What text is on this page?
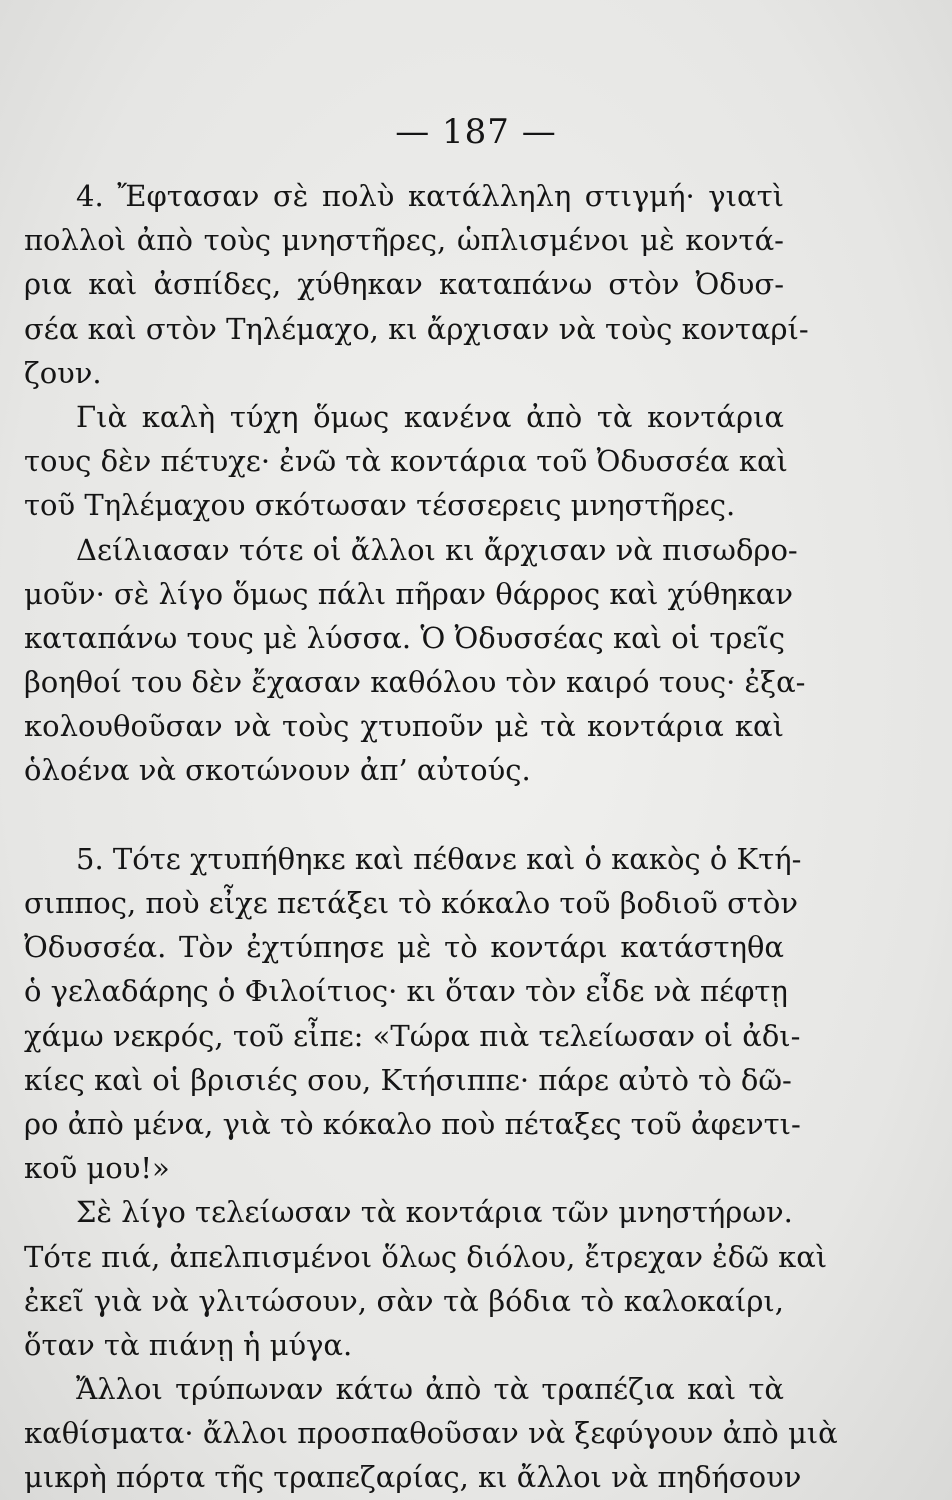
— 187 —
4. Ἔφτασαν σὲ πολὺ κατάλληλη στιγμή· γιατὶ
πολλοὶ ἀπὸ τοὺς μνηστῆρες, ὡπλισμένοι μὲ κοντά-
ρια καὶ ἀσπίδες, χύθηκαν καταπάνω στὸν Ὀδυσ-
σέα καὶ στὸν Τηλέμαχο, κι ἄρχισαν νὰ τοὺς κονταρί-
ζουν.
Γιὰ καλὴ τύχη ὅμως κανένα ἀπὸ τὰ κοντάρια
τους δὲν πέτυχε· ἐνῶ τὰ κοντάρια τοῦ Ὀδυσσέα καὶ
τοῦ Τηλέμαχου σκότωσαν τέσσερεις μνηστῆρες.
Δείλιασαν τότε οἱ ἄλλοι κι ἄρχισαν νὰ πισωδρο-
μοῦν· σὲ λίγο ὅμως πάλι πῆραν θάρρος καὶ χύθηκαν
καταπάνω τους μὲ λύσσα. Ὁ Ὀδυσσέας καὶ οἱ τρεῖς
βοηθοί του δὲν ἔχασαν καθόλου τὸν καιρό τους· ἐξα-
κολουθοῦσαν νὰ τοὺς χτυποῦν μὲ τὰ κοντάρια καὶ
ὁλοένα νὰ σκοτώνουν ἀπ’ αὐτούς.
5. Τότε χτυπήθηκε καὶ πέθανε καὶ ὁ κακὸς ὁ Κτή-
σιππος, ποὺ εἶχε πετάξει τὸ κόκαλο τοῦ βοδιοῦ στὸν
Ὀδυσσέα. Τὸν ἐχτύπησε μὲ τὸ κοντάρι κατάστηθα
ὁ γελαδάρης ὁ Φιλοίτιος· κι ὅταν τὸν εἶδε νὰ πέφτῃ
χάμω νεκρός, τοῦ εἶπε: «Τώρα πιὰ τελείωσαν οἱ ἀδι-
κίες καὶ οἱ βρισιές σου, Κτήσιππε· πάρε αὐτὸ τὸ δῶ-
ρο ἀπὸ μένα, γιὰ τὸ κόκαλο ποὺ πέταξες τοῦ ἀφεντι-
κοῦ μου!»
Σὲ λίγο τελείωσαν τὰ κοντάρια τῶν μνηστήρων.
Τότε πιά, ἀπελπισμένοι ὅλως διόλου, ἔτρεχαν ἐδῶ καὶ
ἐκεῖ γιὰ νὰ γλιτώσουν, σὰν τὰ βόδια τὸ καλοκαίρι,
ὅταν τὰ πιάνῃ ἡ μύγα.
Ἄλλοι τρύπωναν κάτω ἀπὸ τὰ τραπέζια καὶ τὰ
καθίσματα· ἄλλοι προσπαθοῦσαν νὰ ξεφύγουν ἀπὸ μιὰ
μικρὴ πόρτα τῆς τραπεζαρίας, κι ἄλλοι νὰ πηδήσουν
